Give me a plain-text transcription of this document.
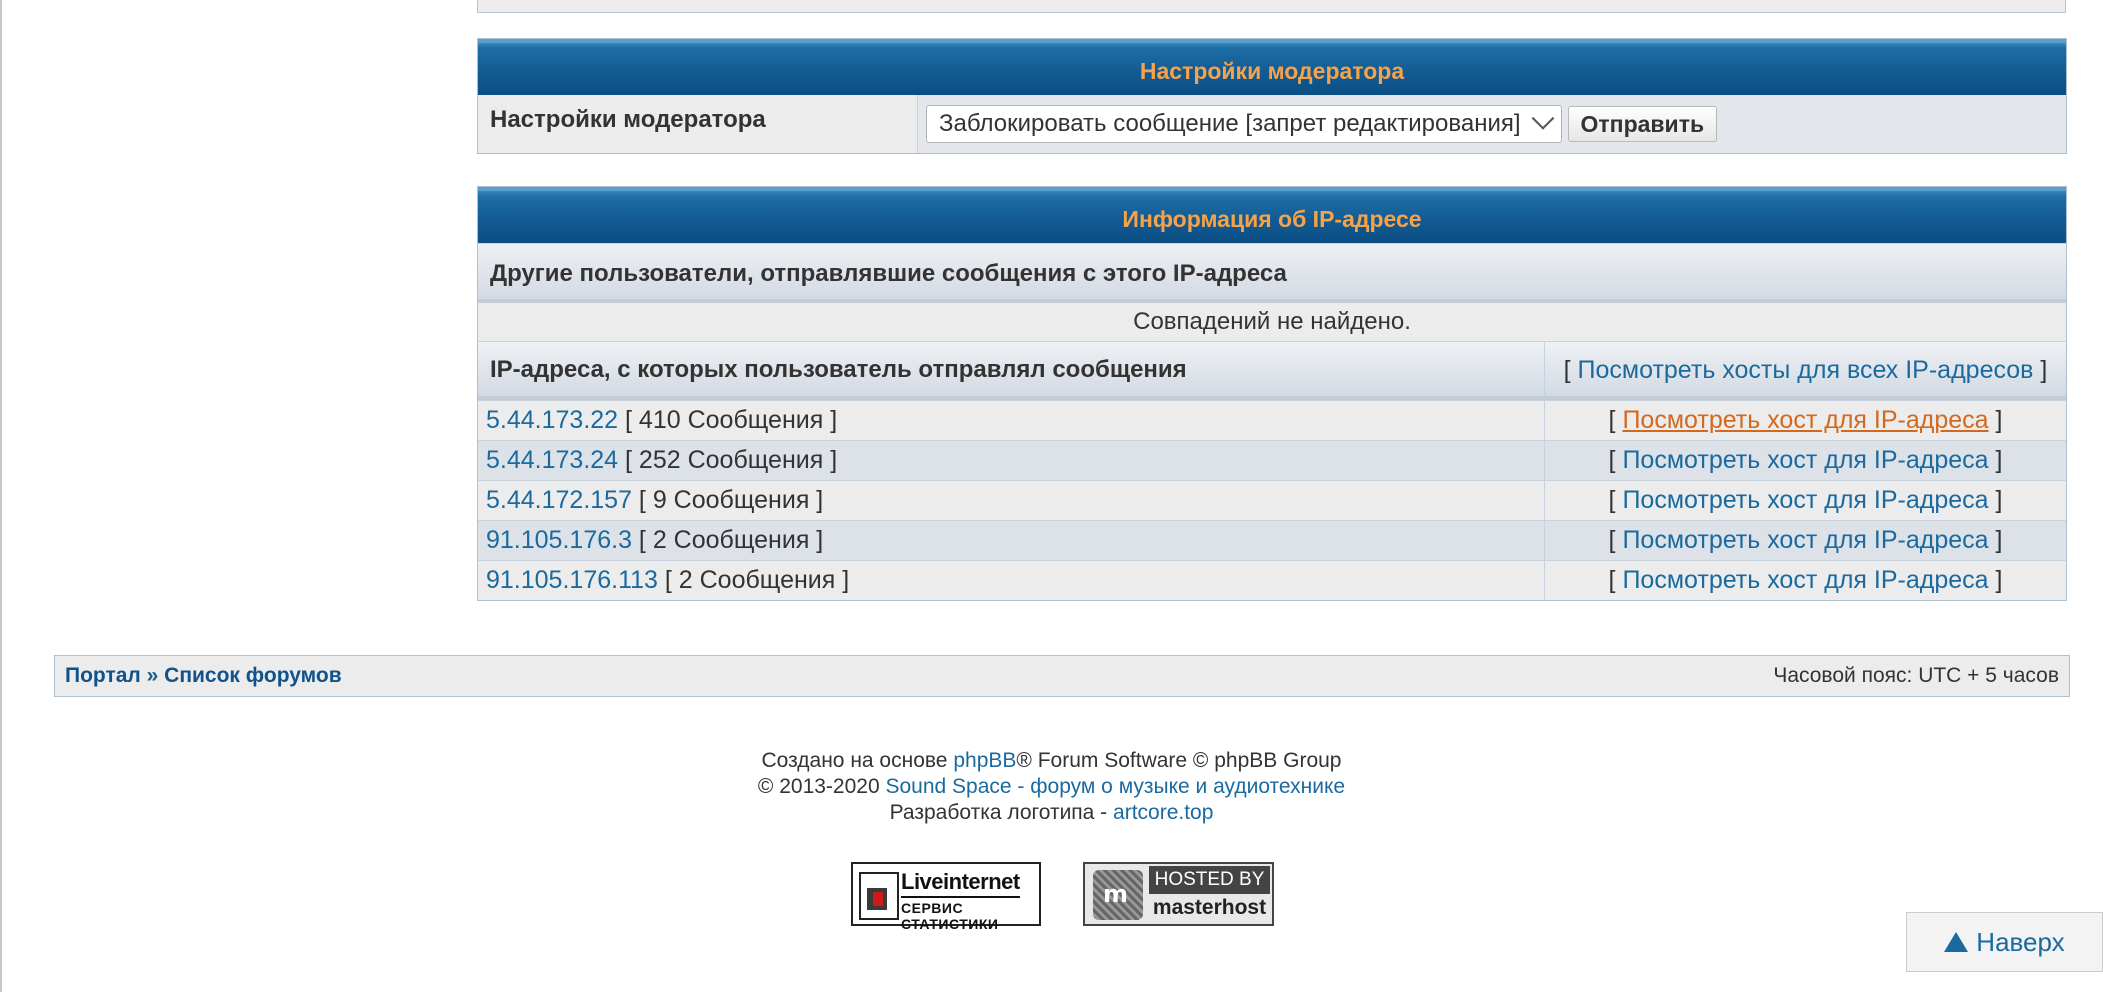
Настройки модератора
Настройки модератора	Заблокировать сообщение [запрет редактирования]	Отправить
Информация об IP-адресе
Другие пользователи, отправлявшие сообщения с этого IP-адреса
Совпадений не найдено.
IP-адреса, с которых пользователь отправлял сообщения	[ Посмотреть хосты для всех IP-адресов ]
5.44.173.22 [ 410 Сообщения ]	[ Посмотреть хост для IP-адреса ]
5.44.173.24 [ 252 Сообщения ]	[ Посмотреть хост для IP-адреса ]
5.44.172.157 [ 9 Сообщения ]	[ Посмотреть хост для IP-адреса ]
91.105.176.3 [ 2 Сообщения ]	[ Посмотреть хост для IP-адреса ]
91.105.176.113 [ 2 Сообщения ]	[ Посмотреть хост для IP-адреса ]
Портал » Список форумов	Часовой пояс: UTC + 5 часов
Создано на основе phpBB® Forum Software © phpBB Group
© 2013-2020 Sound Space - форум о музыке и аудиотехнике
Разработка логотипа - artcore.top
Liveinternet
СЕРВИС СТАТИСТИКИ
m
HOSTED BY
masterhost
Наверх
